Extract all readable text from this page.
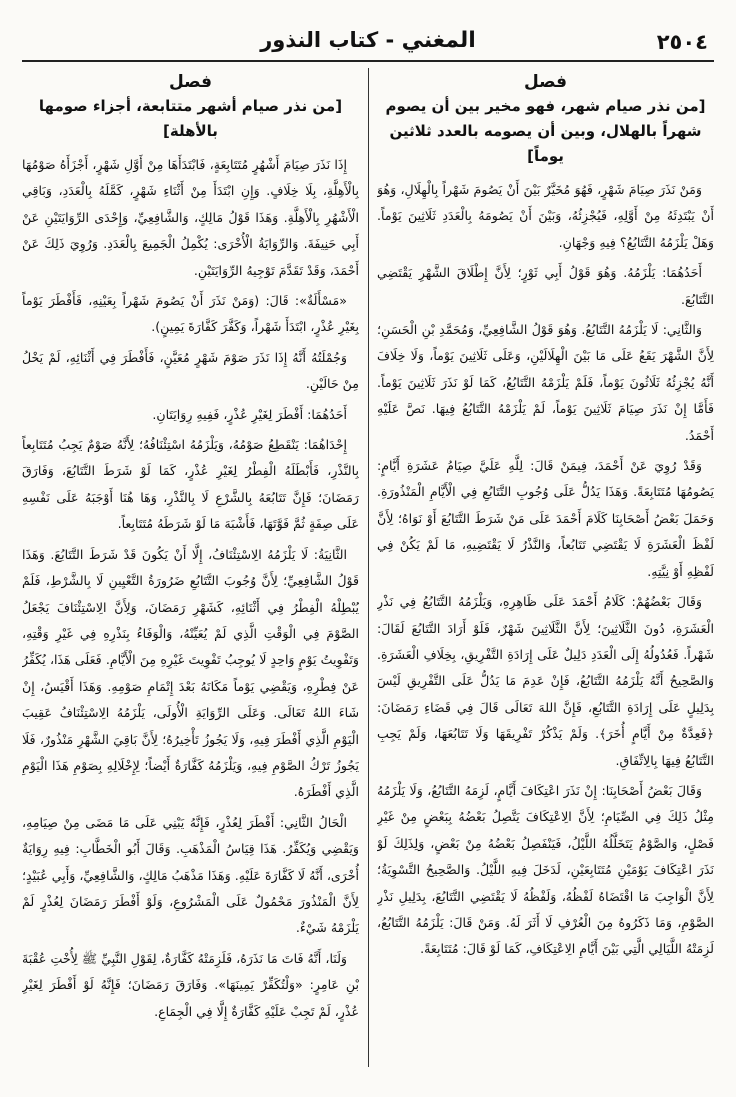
٢٥٠٤
المغني - كتاب النذور
فصل
[من نذر صيام شهر، فهو مخير بين أن يصوم شهراً بالهلال، وبين أن يصومه بالعدد ثلاثين يوماً]

وَمَنْ نَذَرَ صِيَامَ شَهْرٍ، فَهُوَ مُخَيَّرٌ بَيْنَ أَنْ يَصُومَ شَهْراً بِالْهِلَالِ، وَهُوَ أَنْ يَبْتَدِئَهُ مِنْ أَوَّلِهِ، فَيُجْزِئُهُ، وَبَيْنَ أَنْ يَصُومَهُ بِالْعَدَدِ ثَلَاثِينَ يَوْماً. وَهَلْ يَلْزَمُهُ التَّتَابُعُ؟ فِيهِ وَجْهَانِ.

أَحَدُهُمَا: يَلْزَمُهُ. وَهُوَ قَوْلُ أَبِي ثَوْرٍ؛ لِأَنَّ إِطْلَاقَ الشَّهْرِ يَقْتَضِي التَّتَابُعَ.

وَالثَّانِي: لَا يَلْزَمُهُ التَّتَابُعُ. وَهُوَ قَوْلُ الشَّافِعِيِّ، وَمُحَمَّدِ بْنِ الْحَسَنِ؛ لِأَنَّ الشَّهْرَ يَقَعُ عَلَى مَا بَيْنَ الْهِلَالَيْنِ، وَعَلَى ثَلَاثِينَ يَوْماً، وَلَا خِلَافَ أَنَّهُ يُجْزِئُهُ ثَلَاثُونَ يَوْماً، فَلَمْ يَلْزَمْهُ التَّتَابُعُ، كَمَا لَوْ نَذَرَ ثَلَاثِينَ يَوْماً. فَأَمَّا إِنْ نَذَرَ صِيَامَ ثَلَاثِينَ يَوْماً، لَمْ يَلْزَمْهُ التَّتَابُعُ فِيهَا. نَصَّ عَلَيْهِ أَحْمَدُ.

وَقَدْ رُوِيَ عَنْ أَحْمَدَ، فِيمَنْ قَالَ: لِلَّهِ عَلَيَّ صِيَامُ عَشَرَةِ أَيَّامٍ: يَصُومُهَا مُتَتَابِعَةً. وَهَذَا يَدُلُّ عَلَى وُجُوبِ التَّتَابُعِ فِي الْأَيَّامِ الْمَنْذُورَةِ. وَحَمَلَ بَعْضُ أَصْحَابِنَا كَلَامَ أَحْمَدَ عَلَى مَنْ شَرَطَ التَّتَابُعَ أَوْ نَوَاهُ؛ لِأَنَّ لَفْظَ الْعَشَرَةِ لَا يَقْتَضِي تَتَابُعاً، وَالنَّذْرُ لَا يَقْتَضِيهِ، مَا لَمْ يَكُنْ فِي لَفْظِهِ أَوْ نِيَّتِهِ.

وَقَالَ بَعْضُهُمْ: كَلَامُ أَحْمَدَ عَلَى ظَاهِرِهِ، وَيَلْزَمُهُ التَّتَابُعُ فِي نَذْرِ الْعَشَرَةِ، دُونَ الثَّلَاثِينَ؛ لِأَنَّ الثَّلَاثِينَ شَهْرٌ، فَلَوْ أَرَادَ التَّتَابُعَ لَقَالَ: شَهْراً. فَعُدُولُهُ إِلَى الْعَدَدِ دَلِيلٌ عَلَى إِرَادَةِ التَّفْرِيقِ، بِخِلَافِ الْعَشَرَةِ. وَالصَّحِيحُ أَنَّهُ يَلْزَمُهُ التَّتَابُعُ، فَإِنْ عَدِمَ مَا يَدُلُّ عَلَى التَّفْرِيقِ لَيْسَ بِدَلِيلٍ عَلَى إِرَادَةِ التَّتَابُعِ، فَإِنَّ اللهَ تَعَالَى قَالَ فِي قَضَاءِ رَمَضَانَ: ﴿فَعِدَّةٌ مِنْ أَيَّامٍ أُخَرَ﴾. وَلَمْ يَذْكُرْ تَفْرِيقَهَا وَلَا تَتَابُعَهَا، وَلَمْ يَجِبِ التَّتَابُعُ فِيهَا بِالِاتِّفَاقِ.

وَقَالَ بَعْضُ أَصْحَابِنَا: إِنْ نَذَرَ اعْتِكَافَ أَيَّامٍ، لَزِمَهُ التَّتَابُعُ، وَلَا يَلْزَمُهُ مِثْلُ ذَلِكَ فِي الصِّيَامِ؛ لِأَنَّ الِاعْتِكَافَ يَتَّصِلُ بَعْضُهُ بِبَعْضٍ مِنْ غَيْرِ فَصْلٍ، وَالصَّوْمُ يَتَخَلَّلُهُ اللَّيْلُ، فَيَنْفَصِلُ بَعْضُهُ مِنْ بَعْضٍ، وَلِذَلِكَ لَوْ نَذَرَ اعْتِكَافَ يَوْمَيْنِ مُتَتَابِعَيْنِ، لَدَخَلَ فِيهِ اللَّيْلُ. وَالصَّحِيحُ التَّسْوِيَةُ؛ لِأَنَّ الْوَاجِبَ مَا اقْتَضَاهُ لَفْظُهُ، وَلَفْظُهُ لَا يَقْتَضِي التَّتَابُعَ، بِدَلِيلِ نَذْرِ الصَّوْمِ، وَمَا ذَكَرُوهُ مِنَ الْعُرْفِ لَا أَثَرَ لَهُ. وَمَنْ قَالَ: يَلْزَمُهُ التَّتَابُعُ، لَزِمَتْهُ اللَّيَالِي الَّتِي بَيْنَ أَيَّامِ الِاعْتِكَافِ، كَمَا لَوْ قَالَ: مُتَتَابِعَةً.

فصل
[من نذر صيام أشهر متتابعة، أجزاء صومها بالأهلة]

إِذَا نَذَرَ صِيَامَ أَشْهُرٍ مُتَتَابِعَةٍ، فَابْتَدَأَهَا مِنْ أَوَّلِ شَهْرٍ، أَجْزَأَهُ صَوْمُهَا بِالْأَهِلَّةِ، بِلَا خِلَافٍ. وَإِنِ ابْتَدَأَ مِنْ أَثْنَاءِ شَهْرٍ، كَمَّلَهُ بِالْعَدَدِ، وَبَاقِي الْأَشْهُرِ بِالْأَهِلَّةِ. وَهَذَا قَوْلُ مَالِكٍ، وَالشَّافِعِيِّ، وَإِحْدَى الرِّوَايَتَيْنِ عَنْ أَبِي حَنِيفَةَ. وَالرِّوَايَةُ الْأُخْرَى: يُكْمِلُ الْجَمِيعَ بِالْعَدَدِ. وَرُوِيَ ذَلِكَ عَنْ أَحْمَدَ، وَقَدْ تَقَدَّمَ تَوْجِيهُ الرِّوَايَتَيْنِ.

«مَسْأَلَةٌ»: قَالَ: (وَمَنْ نَذَرَ أَنْ يَصُومَ شَهْراً بِعَيْنِهِ، فَأَفْطَرَ يَوْماً بِغَيْرِ عُذْرٍ، ابْتَدَأَ شَهْراً، وَكَفَّرَ كَفَّارَةَ يَمِينٍ).

وَجُمْلَتُهُ أَنَّهُ إِذَا نَذَرَ صَوْمَ شَهْرٍ مُعَيَّنٍ، فَأَفْطَرَ فِي أَثْنَائِهِ، لَمْ يَخْلُ مِنْ حَالَيْنِ.

أَحَدُهُمَا: أَفْطَرَ لِغَيْرِ عُذْرٍ، فَفِيهِ رِوَايَتَانِ.

إِحْدَاهُمَا: يَنْقَطِعُ صَوْمُهُ، وَيَلْزَمُهُ اسْتِئْنَافُهُ؛ لِأَنَّهُ صَوْمٌ يَجِبُ مُتَتَابِعاً بِالنَّذْرِ، فَأَبْطَلَهُ الْفِطْرُ لِغَيْرِ عُذْرٍ، كَمَا لَوْ شَرَطَ التَّتَابُعَ، وَفَارَقَ رَمَضَانَ؛ فَإِنَّ تَتَابُعَهُ بِالشَّرْعِ لَا بِالنَّذْرِ، وَهَا هُنَا أَوْجَبَهُ عَلَى نَفْسِهِ عَلَى صِفَةٍ ثُمَّ فَوَّتَهَا، فَأَشْبَهَ مَا لَوْ شَرَطَهُ مُتَتَابِعاً.

الثَّانِيَةُ: لَا يَلْزَمُهُ الِاسْتِئْنَافُ، إِلَّا أَنْ يَكُونَ قَدْ شَرَطَ التَّتَابُعَ. وَهَذَا قَوْلُ الشَّافِعِيِّ؛ لِأَنَّ وُجُوبَ التَّتَابُعِ ضَرُورَةُ التَّعْيِينِ لَا بِالشَّرْطِ، فَلَمْ يُبْطِلْهُ الْفِطْرُ فِي أَثْنَائِهِ، كَشَهْرِ رَمَضَانَ، وَلِأَنَّ الِاسْتِئْنَافَ يَجْعَلُ الصَّوْمَ فِي الْوَقْتِ الَّذِي لَمْ يُعَيِّنْهُ، وَالْوَفَاءُ بِنَذْرِهِ فِي غَيْرِ وَقْتِهِ، وَتَفْوِيتُ يَوْمٍ وَاحِدٍ لَا يُوجِبُ تَفْوِيتَ غَيْرِهِ مِنَ الْأَيَّامِ. فَعَلَى هَذَا، يُكَفِّرُ عَنْ فِطْرِهِ، وَيَقْضِي يَوْماً مَكَانَهُ بَعْدَ إِتْمَامِ صَوْمِهِ. وَهَذَا أَقْيَسُ، إِنْ شَاءَ اللهُ تَعَالَى. وَعَلَى الرِّوَايَةِ الْأُولَى، يَلْزَمُهُ الِاسْتِئْنَافُ عَقِيبَ الْيَوْمِ الَّذِي أَفْطَرَ فِيهِ، وَلَا يَجُوزُ تَأْخِيرُهُ؛ لِأَنَّ بَاقِيَ الشَّهْرِ مَنْذُورٌ، فَلَا يَجُوزُ تَرْكُ الصَّوْمِ فِيهِ، وَيَلْزَمُهُ كَفَّارَةٌ أَيْضاً؛ لِإِخْلَالِهِ بِصَوْمِ هَذَا الْيَوْمِ الَّذِي أَفْطَرَهُ.

الْحَالُ الثَّانِي: أَفْطَرَ لِعُذْرٍ، فَإِنَّهُ يَبْنِي عَلَى مَا مَضَى مِنْ صِيَامِهِ، وَيَقْضِي وَيُكَفِّرُ. هَذَا قِيَاسُ الْمَذْهَبِ. وَقَالَ أَبُو الْخَطَّابِ: فِيهِ رِوَايَةٌ أُخْرَى، أَنَّهُ لَا كَفَّارَةَ عَلَيْهِ. وَهَذَا مَذْهَبُ مَالِكٍ، وَالشَّافِعِيِّ، وَأَبِي عُبَيْدٍ؛ لِأَنَّ الْمَنْذُورَ مَحْمُولٌ عَلَى الْمَشْرُوعِ، وَلَوْ أَفْطَرَ رَمَضَانَ لِعُذْرٍ لَمْ يَلْزَمْهُ شَيْءٌ.

وَلَنَا، أَنَّهُ فَاتَ مَا نَذَرَهُ، فَلَزِمَتْهُ كَفَّارَةٌ، لِقَوْلِ النَّبِيِّ ﷺ لِأُخْتِ عُقْبَةَ بْنِ عَامِرٍ: «وَلْتُكَفِّرْ يَمِينَهَا». وَفَارَقَ رَمَضَانَ؛ فَإِنَّهُ لَوْ أَفْطَرَ لِغَيْرِ عُذْرٍ، لَمْ تَجِبْ عَلَيْهِ كَفَّارَةٌ إِلَّا فِي الْجِمَاعِ.
